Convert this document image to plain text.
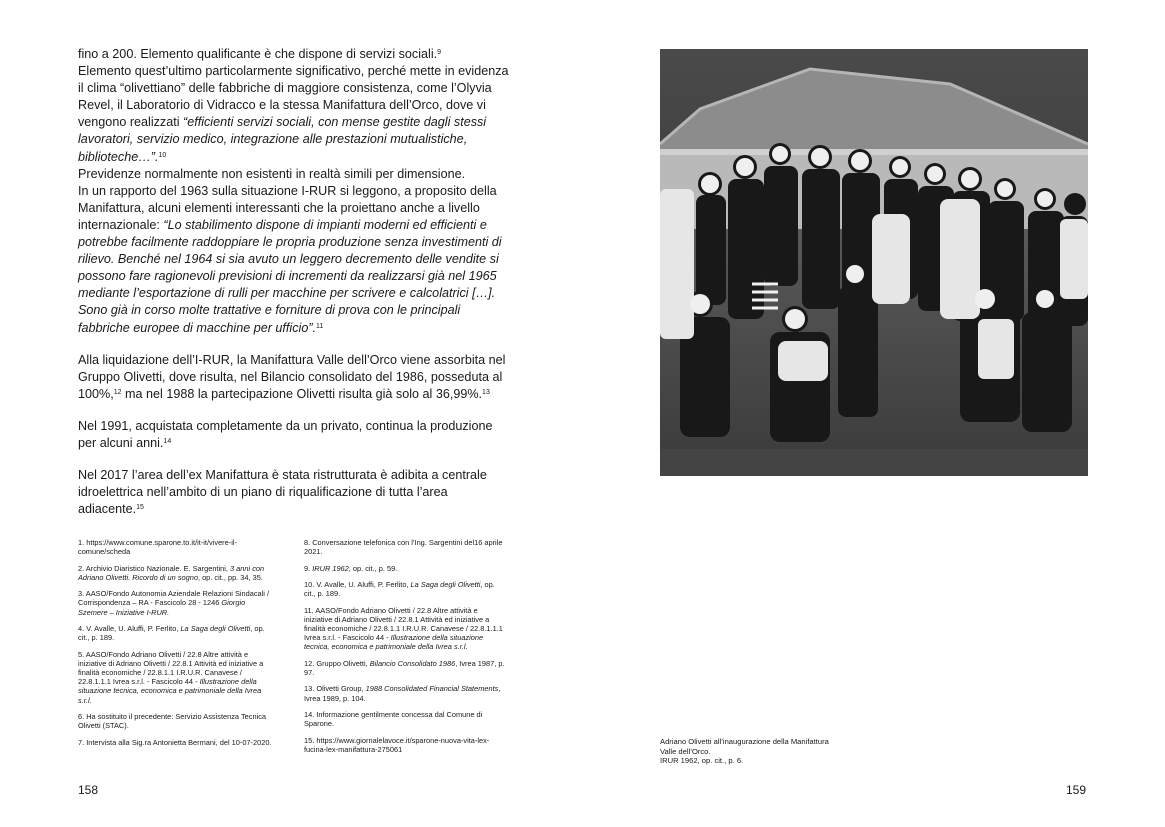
fino a 200. Elemento qualificante è che dispone di servizi sociali.$^9$
Elemento quest’ultimo particolarmente significativo, perché mette in evidenza il clima “olivettiano” delle fabbriche di maggiore consistenza, come l’Olyvia Revel, il Laboratorio di Vidracco e la stessa Manifattura dell’Orco, dove vi vengono realizzati “efficienti servizi sociali, con mense gestite dagli stessi lavoratori, servizio medico, integrazione alle prestazioni mutualistiche, biblioteche…”.$^{10}$
Previdenze normalmente non esistenti in realtà simili per dimensione.
In un rapporto del 1963 sulla situazione I-RUR si leggono, a proposito della Manifattura, alcuni elementi interessanti che la proiettano anche a livello internazionale: “Lo stabilimento dispone di impianti moderni ed efficienti e potrebbe facilmente raddoppiare le propria produzione senza investimenti di rilievo. Benché nel 1964 si sia avuto un leggero decremento delle vendite si possono fare ragionevoli previsioni di incrementi da realizzarsi già nel 1965 mediante l’esportazione di rulli per macchine per scrivere e calcolatrici […]. Sono già in corso molte trattative e forniture di prova con le principali fabbriche europee di macchine per ufficio”.$^{11}$

Alla liquidazione dell’I-RUR, la Manifattura Valle dell’Orco viene assorbita nel Gruppo Olivetti, dove risulta, nel Bilancio consolidato del 1986, posseduta al 100%,$^{12}$ ma nel 1988 la partecipazione Olivetti risulta già solo al 36,99%.$^{13}$

Nel 1991, acquistata completamente da un privato, continua la produzione per alcuni anni.$^{14}$

Nel 2017 l’area dell’ex Manifattura è stata ristrutturata è adibita a centrale idroelettrica nell’ambito di un piano di riqualificazione di tutta l’area adiacente.$^{15}$

1. https://www.comune.sparone.to.it/it-it/vivere-il-comune/scheda
2. Archivio Diaristico Nazionale. E. Sargentini, 3 anni con Adriano Olivetti. Ricordo di un sogno, op. cit., pp. 34, 35.
3. AASO/Fondo Autonomia Aziendale Relazioni Sindacali / Corrispondenza – RA - Fascicolo 28 - 1246 Giorgio Szemere – Iniziative I-RUR.
4. V. Avalle, U. Aluffi, P. Ferlito, La Saga degli Olivetti, op. cit., p. 189.
5. AASO/Fondo Adriano Olivetti / 22.8 Altre attività e iniziative di Adriano Olivetti / 22.8.1 Attività ed iniziative a finalità economiche / 22.8.1.1 I.R.U.R. Canavese / 22.8.1.1.1 Ivrea s.r.l. - Fascicolo 44 - Illustrazione della situazione tecnica, economica e patrimoniale della Ivrea s.r.l.
6. Ha sostituito il precedente: Servizio Assistenza Tecnica Olivetti (STAC).
7. Intervista alla Sig.ra Antonietta Bermani, del 10-07-2020.
8. Conversazione telefonica con l’Ing. Sargentini del16 aprile 2021.
9. IRUR 1962, op. cit., p. 59.
10. V. Avalle, U. Aluffi, P. Ferlito, La Saga degli Olivetti, op. cit., p. 189.
11. AASO/Fondo Adriano Olivetti / 22.8 Altre attività e iniziative di Adriano Olivetti / 22.8.1 Attività ed iniziative a finalità economiche / 22.8.1.1 I.R.U.R. Canavese / 22.8.1.1.1 Ivrea s.r.l. - Fascicolo 44 - Illustrazione della situazione tecnica, economica e patrimoniale della Ivrea s.r.l.
12. Gruppo Olivetti, Bilancio Consolidato 1986, Ivrea 1987, p. 97.
13. Olivetti Group, 1988 Consolidated Financial Statements, Ivrea 1989, p. 104.
14. Informazione gentilmente concessa dal Comune di Sparone.
15. https://www.giornalelavoce.it/sparone-nuova-vita-lex-fucina-lex-manifattura-275061
158
Adriano Olivetti all’inaugurazione della Manifattura
Valle dell’Orco.
IRUR 1962, op. cit., p. 6.
159
